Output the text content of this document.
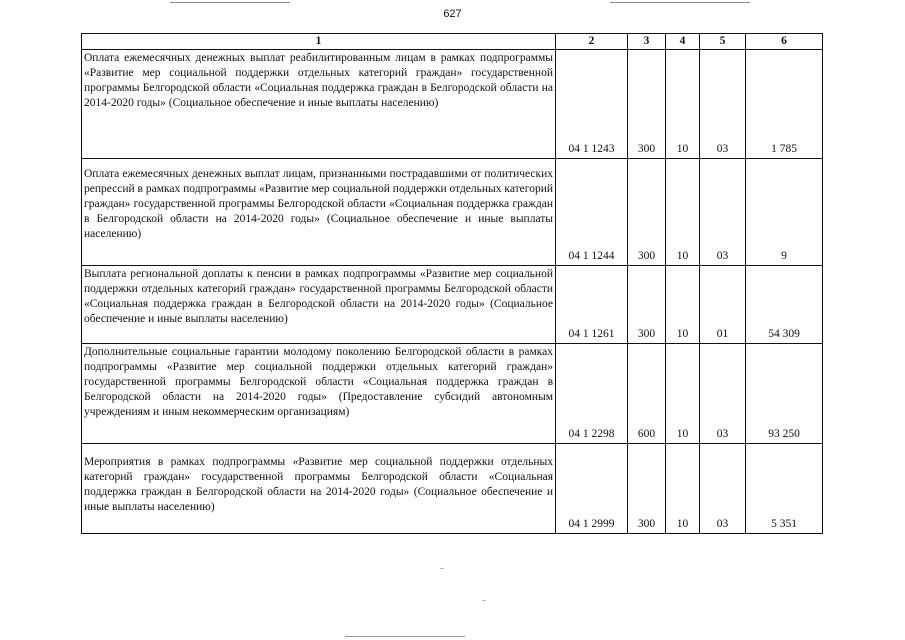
627
1	2	3	4	5	6
Оплата ежемесячных денежных выплат реабилитированным лицам в рамках подпрограммы «Развитие мер социальной поддержки отдельных категорий граждан» государственной программы Белгородской области «Социальная поддержка граждан в Белгородской области на 2014-2020 годы» (Социальное обеспечение и иные выплаты населению)	04 1 1243	300	10	03	1 785
Оплата ежемесячных денежных выплат лицам, признанными пострадавшими от политических репрессий в рамках подпрограммы «Развитие мер социальной поддержки отдельных категорий граждан» государственной программы Белгородской области «Социальная поддержка граждан в Белгородской области на 2014-2020 годы» (Социальное обеспечение и иные выплаты населению)	04 1 1244	300	10	03	9
Выплата региональной доплаты к пенсии в рамках подпрограммы «Развитие мер социальной поддержки отдельных категорий граждан» государственной программы Белгородской области «Социальная поддержка граждан в Белгородской области на 2014-2020 годы» (Социальное обеспечение и иные выплаты населению)	04 1 1261	300	10	01	54 309
Дополнительные социальные гарантии молодому поколению Белгородской области в рамках подпрограммы «Развитие мер социальной поддержки отдельных категорий граждан» государственной программы Белгородской области «Социальная поддержка граждан в Белгородской области на 2014-2020 годы» (Предоставление субсидий автономным учреждениям и иным некоммерческим организациям)	04 1 2298	600	10	03	93 250
Мероприятия в рамках подпрограммы «Развитие мер социальной поддержки отдельных категорий граждан» государственной программы Белгородской области «Социальная поддержка граждан в Белгородской области на 2014-2020 годы» (Социальное обеспечение и иные выплаты населению)	04 1 2999	300	10	03	5 351
